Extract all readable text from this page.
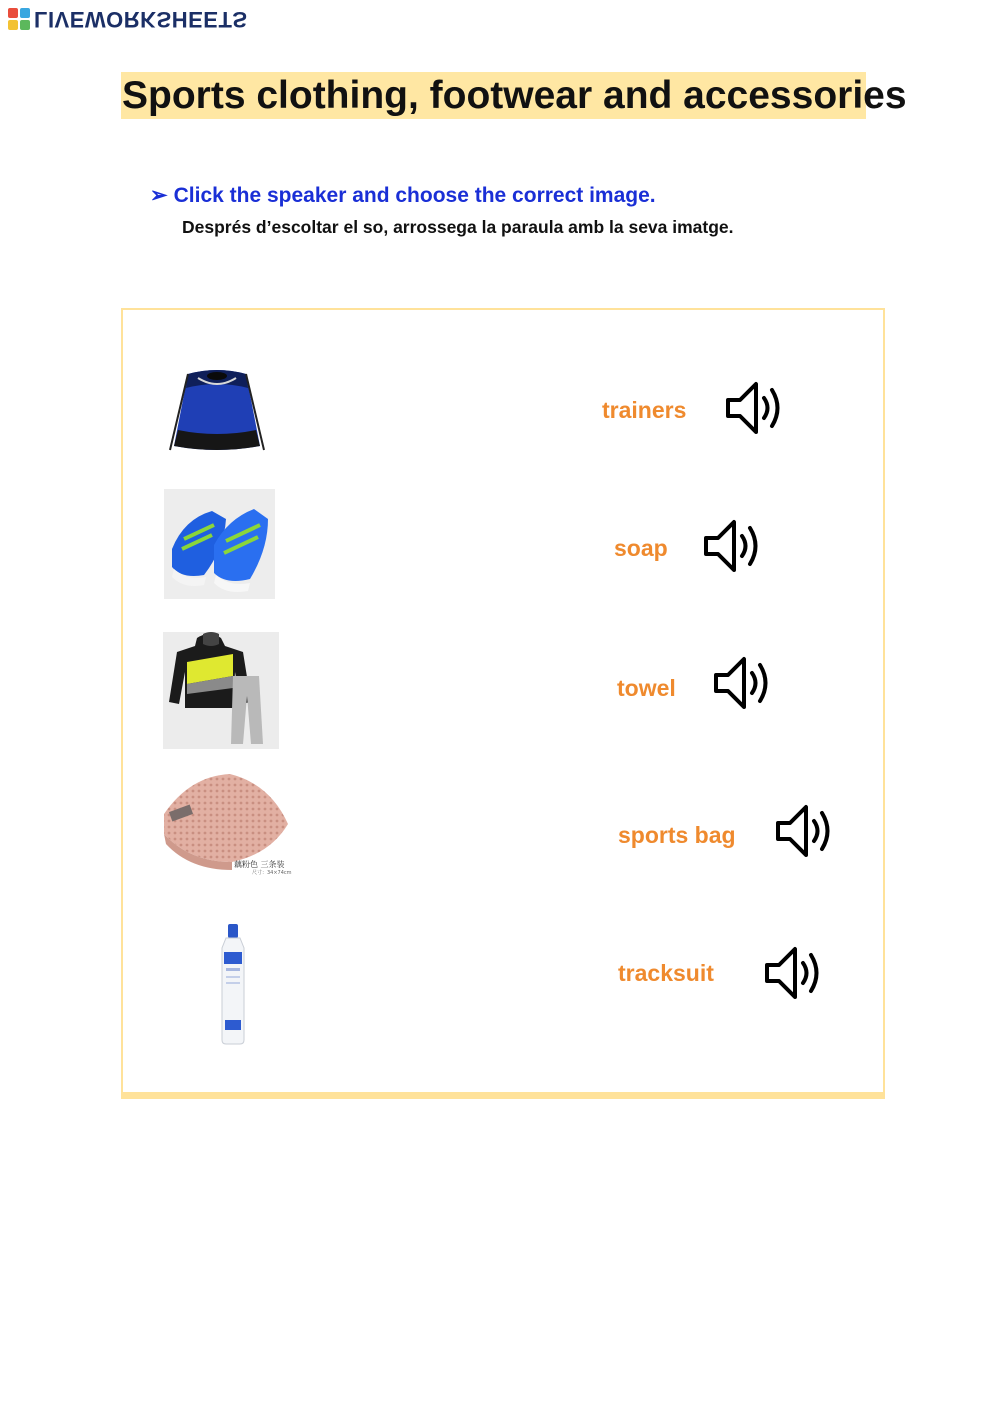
LIVEWORKSHEETS
Sports clothing, footwear and accessories
➢ Click the speaker and choose the correct image.
Després d’escoltar el so, arrossega la paraula amb la seva imatge.
藕粉色 三条装
尺寸：34×74cm
trainers
soap
towel
sports bag
tracksuit
